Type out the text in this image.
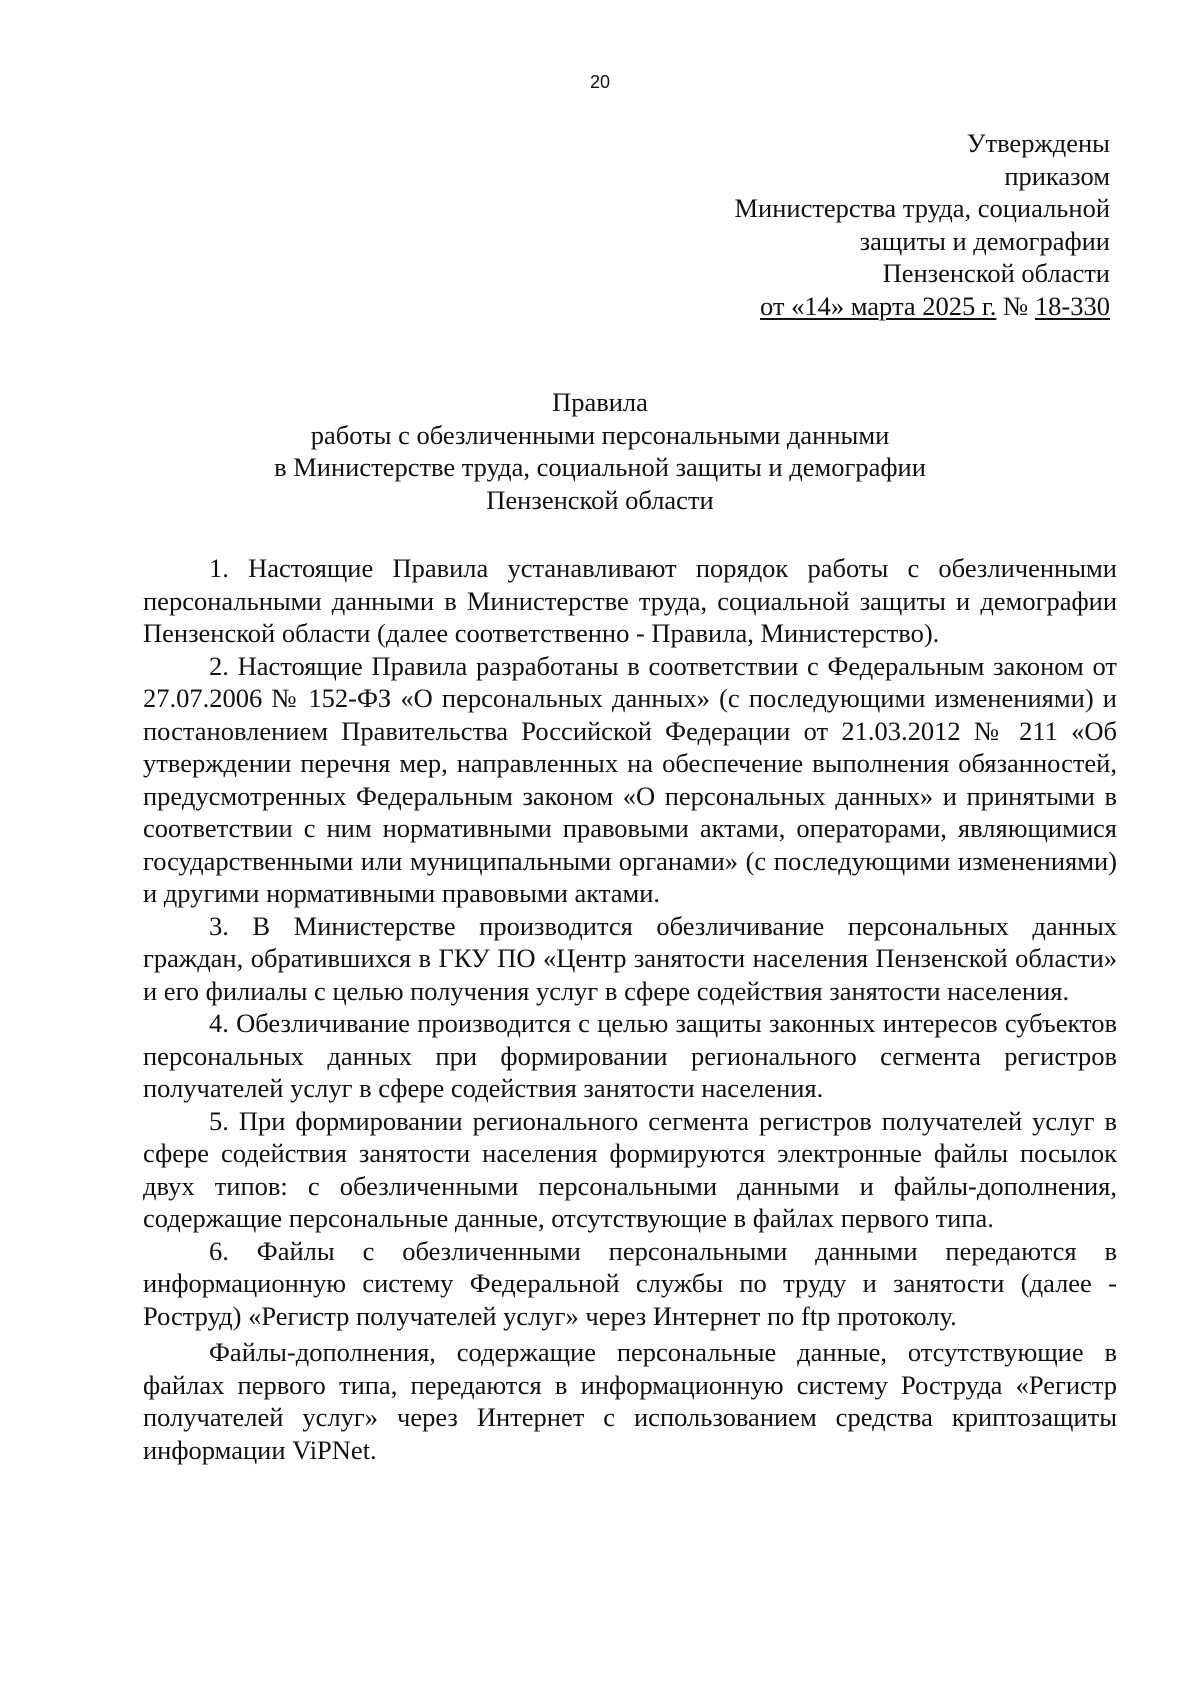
20
Утверждены
приказом
Министерства труда, социальной
защиты и демографии
Пензенской области
от «14» марта 2025 г. № 18-330
Правила
работы с обезличенными персональными данными
в Министерстве труда, социальной защиты и демографии
Пензенской области

1. Настоящие Правила устанавливают порядок работы с обезличенными персональными данными в Министерстве труда, социальной защиты и демографии Пензенской области (далее соответственно - Правила, Министерство).

2. Настоящие Правила разработаны в соответствии с Федеральным законом от 27.07.2006 № 152-ФЗ «О персональных данных» (с последующими изменениями) и постановлением Правительства Российской Федерации от 21.03.2012 № 211 «Об утверждении перечня мер, направленных на обеспечение выполнения обязанностей, предусмотренных Федеральным законом «О персональных данных» и принятыми в соответствии с ним нормативными правовыми актами, операторами, являющимися государственными или муниципальными органами» (с последующими изменениями) и другими нормативными правовыми актами.

3. В Министерстве производится обезличивание персональных данных граждан, обратившихся в ГКУ ПО «Центр занятости населения Пензенской области» и его филиалы с целью получения услуг в сфере содействия занятости населения.

4. Обезличивание производится с целью защиты законных интересов субъектов персональных данных при формировании регионального сегмента регистров получателей услуг в сфере содействия занятости населения.

5. При формировании регионального сегмента регистров получателей услуг в сфере содействия занятости населения формируются электронные файлы посылок двух типов: с обезличенными персональными данными и файлы-дополнения, содержащие персональные данные, отсутствующие в файлах первого типа.

6. Файлы с обезличенными персональными данными передаются в информационную систему Федеральной службы по труду и занятости (далее - Роструд) «Регистр получателей услуг» через Интернет по ftp протоколу.

Файлы-дополнения, содержащие персональные данные, отсутствующие в файлах первого типа, передаются в информационную систему Роструда «Регистр получателей услуг» через Интернет с использованием средства криптозащиты информации ViPNet.
